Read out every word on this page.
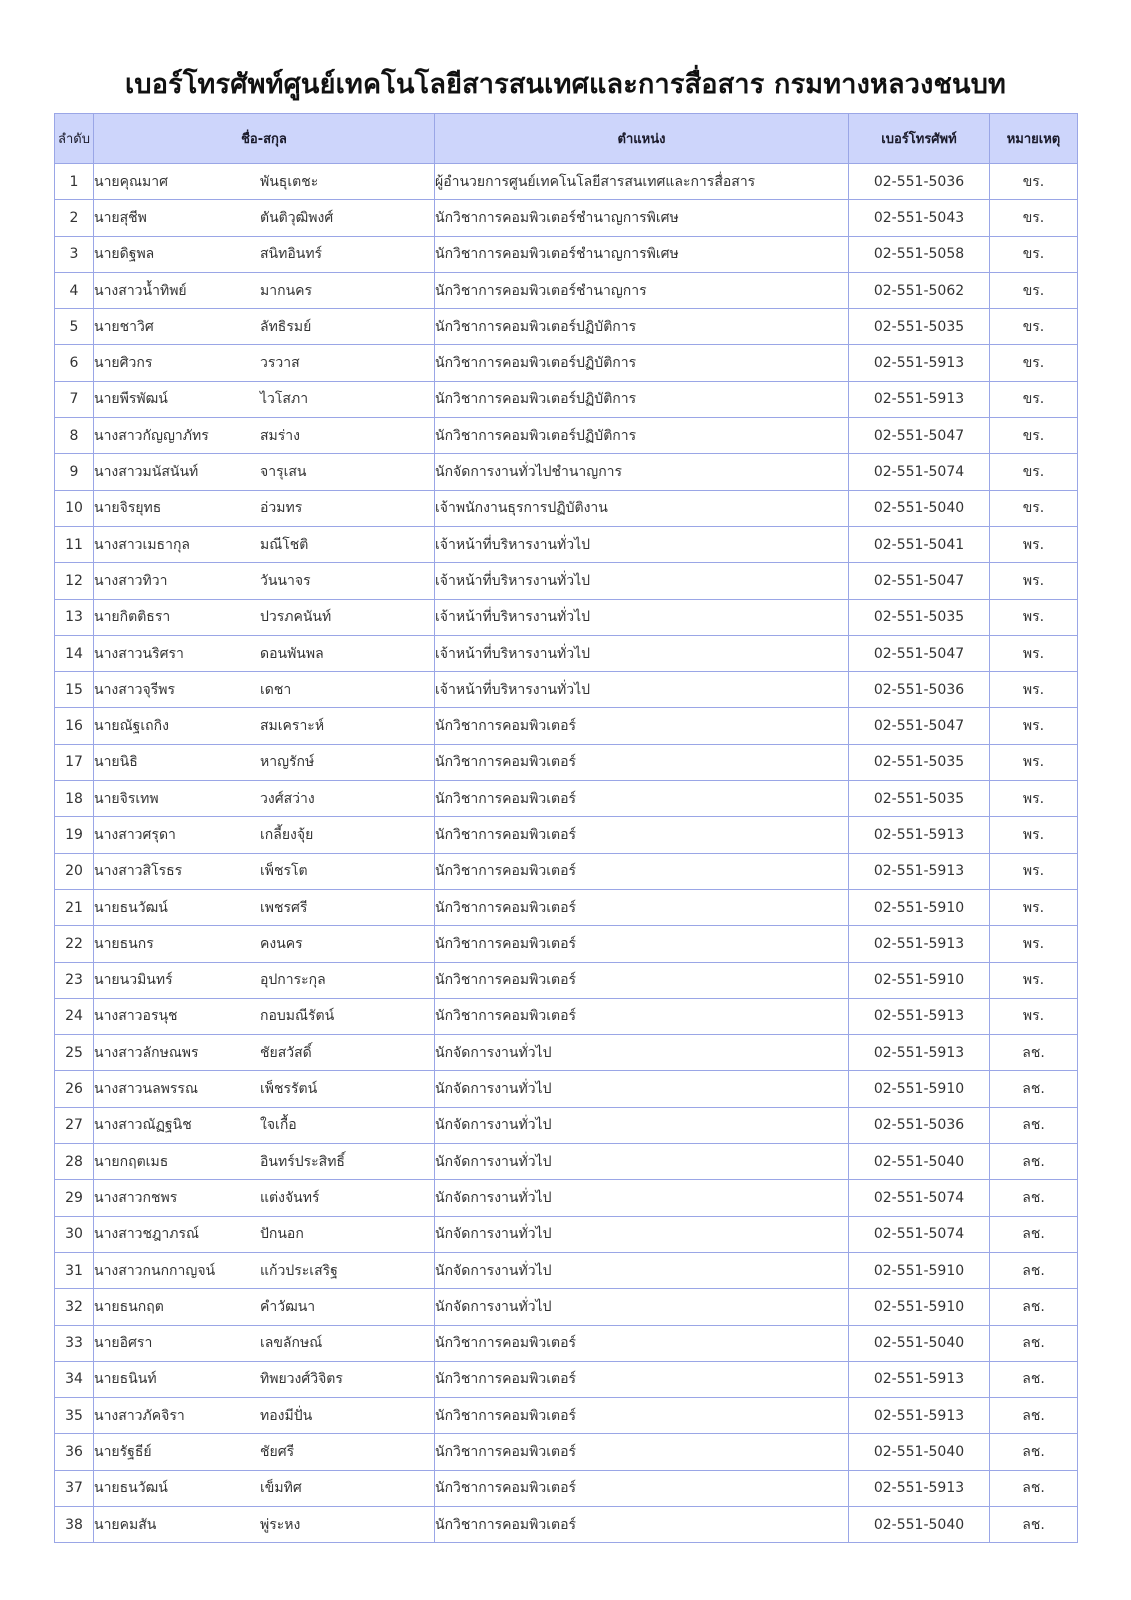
เบอร์โทรศัพท์ศูนย์เทคโนโลยีสารสนเทศและการสื่อสาร กรมทางหลวงชนบท
ลำดับ	ชื่อ-สกุล	ตำแหน่ง	เบอร์โทรศัพท์	หมายเหตุ
1	นายคุณมาศ พันธุเตชะ	ผู้อำนวยการศูนย์เทคโนโลยีสารสนเทศและการสื่อสาร	02-551-5036	ขร.
2	นายสุชีพ ตันติวุฒิพงศ์	นักวิชาการคอมพิวเตอร์ชำนาญการพิเศษ	02-551-5043	ขร.
3	นายดิฐพล สนิทอินทร์	นักวิชาการคอมพิวเตอร์ชำนาญการพิเศษ	02-551-5058	ขร.
4	นางสาวน้ำทิพย์ มากนคร	นักวิชาการคอมพิวเตอร์ชำนาญการ	02-551-5062	ขร.
5	นายชาวิศ ลัทธิรมย์	นักวิชาการคอมพิวเตอร์ปฏิบัติการ	02-551-5035	ขร.
6	นายศิวกร วรวาส	นักวิชาการคอมพิวเตอร์ปฏิบัติการ	02-551-5913	ขร.
7	นายพีรพัฒน์ ไวโสภา	นักวิชาการคอมพิวเตอร์ปฏิบัติการ	02-551-5913	ขร.
8	นางสาวกัญญาภัทร สมร่าง	นักวิชาการคอมพิวเตอร์ปฏิบัติการ	02-551-5047	ขร.
9	นางสาวมนัสนันท์ จารุเสน	นักจัดการงานทั่วไปชำนาญการ	02-551-5074	ขร.
10	นายจิรยุทธ อ่วมทร	เจ้าพนักงานธุรการปฏิบัติงาน	02-551-5040	ขร.
11	นางสาวเมธากุล มณีโชติ	เจ้าหน้าที่บริหารงานทั่วไป	02-551-5041	พร.
12	นางสาวทิวา วันนาจร	เจ้าหน้าที่บริหารงานทั่วไป	02-551-5047	พร.
13	นายกิตติธรา ปวรภคนันท์	เจ้าหน้าที่บริหารงานทั่วไป	02-551-5035	พร.
14	นางสาวนริศรา ดอนพันพล	เจ้าหน้าที่บริหารงานทั่วไป	02-551-5047	พร.
15	นางสาวจุรีพร เดชา	เจ้าหน้าที่บริหารงานทั่วไป	02-551-5036	พร.
16	นายณัฐเถกิง สมเคราะห์	นักวิชาการคอมพิวเตอร์	02-551-5047	พร.
17	นายนิธิ หาญรักษ์	นักวิชาการคอมพิวเตอร์	02-551-5035	พร.
18	นายจิรเทพ วงศ์สว่าง	นักวิชาการคอมพิวเตอร์	02-551-5035	พร.
19	นางสาวศรุดา เกลี้ยงจุ้ย	นักวิชาการคอมพิวเตอร์	02-551-5913	พร.
20	นางสาวสิโรธร เพ็ชรโต	นักวิชาการคอมพิวเตอร์	02-551-5913	พร.
21	นายธนวัฒน์ เพชรศรี	นักวิชาการคอมพิวเตอร์	02-551-5910	พร.
22	นายธนกร คงนคร	นักวิชาการคอมพิวเตอร์	02-551-5913	พร.
23	นายนวมินทร์ อุปการะกุล	นักวิชาการคอมพิวเตอร์	02-551-5910	พร.
24	นางสาวอรนุช กอบมณีรัตน์	นักวิชาการคอมพิวเตอร์	02-551-5913	พร.
25	นางสาวลักษณพร ชัยสวัสดิ์	นักจัดการงานทั่วไป	02-551-5913	ลช.
26	นางสาวนลพรรณ เพ็ชรรัตน์	นักจัดการงานทั่วไป	02-551-5910	ลช.
27	นางสาวณัฏฐนิช ใจเกื้อ	นักจัดการงานทั่วไป	02-551-5036	ลช.
28	นายกฤตเมธ อินทร์ประสิทธิ์	นักจัดการงานทั่วไป	02-551-5040	ลช.
29	นางสาวกชพร แต่งจันทร์	นักจัดการงานทั่วไป	02-551-5074	ลช.
30	นางสาวชฎาภรณ์ ปักนอก	นักจัดการงานทั่วไป	02-551-5074	ลช.
31	นางสาวกนกกาญจน์ แก้วประเสริฐ	นักจัดการงานทั่วไป	02-551-5910	ลช.
32	นายธนกฤต คำวัฒนา	นักจัดการงานทั่วไป	02-551-5910	ลช.
33	นายอิศรา เลขลักษณ์	นักวิชาการคอมพิวเตอร์	02-551-5040	ลช.
34	นายธนินท์ ทิพยวงศ์วิจิตร	นักวิชาการคอมพิวเตอร์	02-551-5913	ลช.
35	นางสาวภัคจิรา ทองมีปั่น	นักวิชาการคอมพิวเตอร์	02-551-5913	ลช.
36	นายรัฐธีย์ ชัยศรี	นักวิชาการคอมพิวเตอร์	02-551-5040	ลช.
37	นายธนวัฒน์ เข็มทิศ	นักวิชาการคอมพิวเตอร์	02-551-5913	ลช.
38	นายคมสัน พู่ระหง	นักวิชาการคอมพิวเตอร์	02-551-5040	ลช.
